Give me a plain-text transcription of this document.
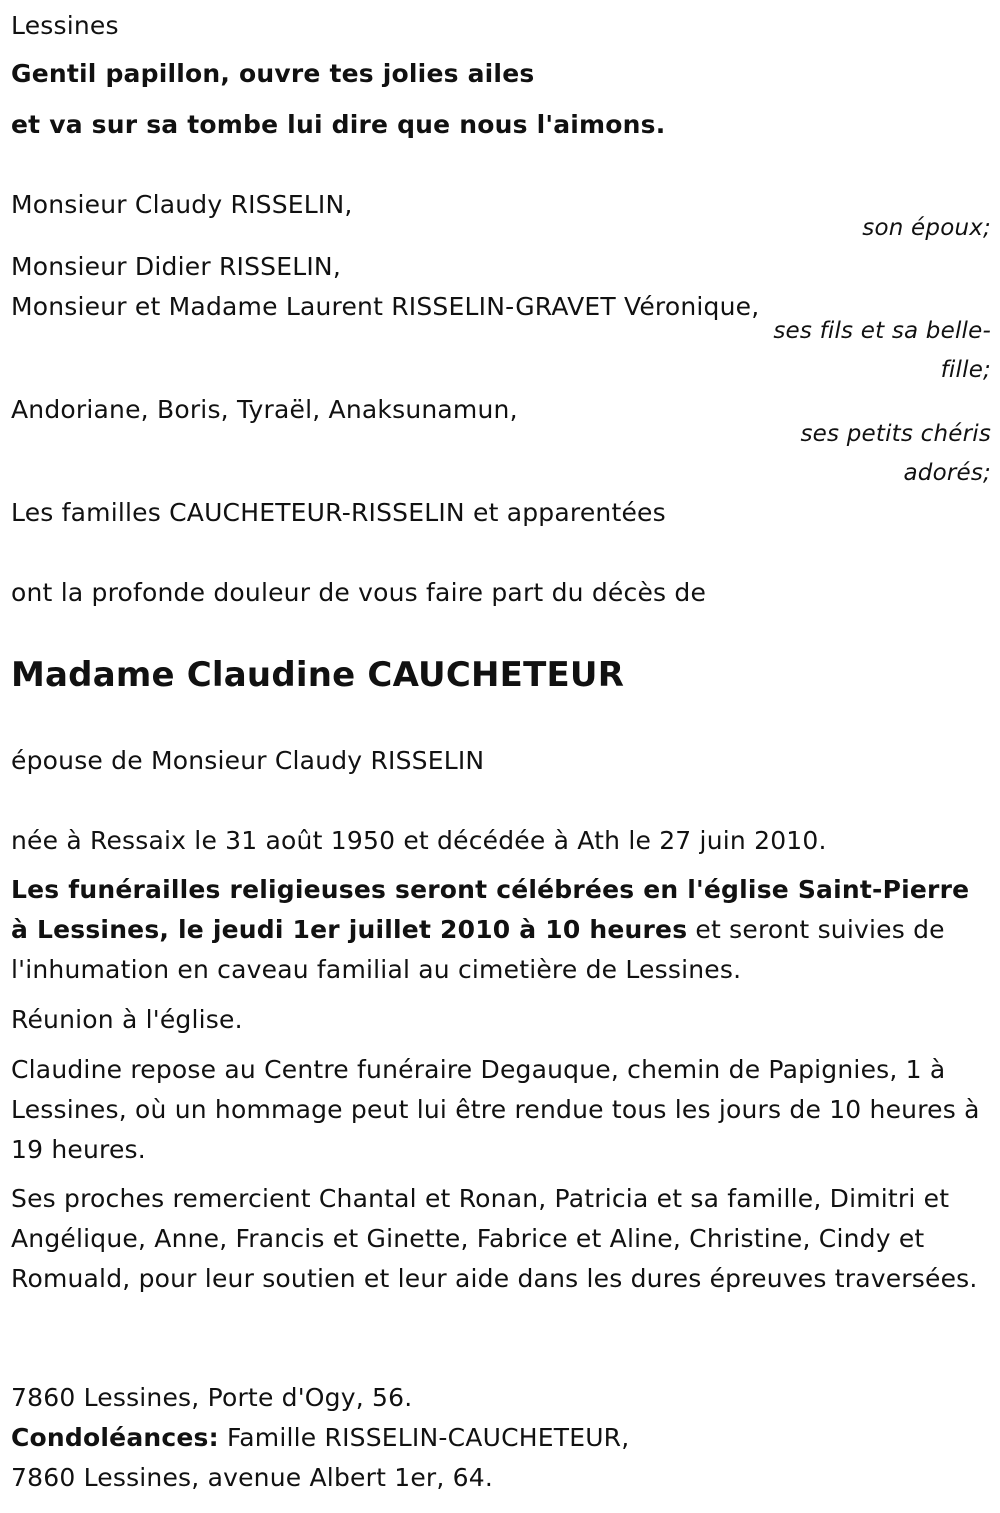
Lessines
Gentil papillon, ouvre tes jolies ailes
et va sur sa tombe lui dire que nous l'aimons.
Monsieur Claudy RISSELIN,
son époux;
Monsieur Didier RISSELIN,
Monsieur et Madame Laurent RISSELIN-GRAVET Véronique,
ses fils et sa belle-
fille;
Andoriane, Boris, Tyraël, Anaksunamun,
ses petits chéris
adorés;
Les familles CAUCHETEUR-RISSELIN et apparentées
ont la profonde douleur de vous faire part du décès de
Madame Claudine CAUCHETEUR
épouse de Monsieur Claudy RISSELIN
née à Ressaix le 31 août 1950 et décédée à Ath le 27 juin 2010.
Les funérailles religieuses seront célébrées en l'église Saint-Pierre à Lessines, le jeudi 1er juillet 2010 à 10 heures et seront suivies de l'inhumation en caveau familial au cimetière de Lessines.
Réunion à l'église.
Claudine repose au Centre funéraire Degauque, chemin de Papignies, 1 à Lessines, où un hommage peut lui être rendue tous les jours de 10 heures à 19 heures.
Ses proches remercient Chantal et Ronan, Patricia et sa famille, Dimitri et Angélique, Anne, Francis et Ginette, Fabrice et Aline, Christine, Cindy et Romuald, pour leur soutien et leur aide dans les dures épreuves traversées.
7860 Lessines, Porte d'Ogy, 56.
Condoléances: Famille RISSELIN-CAUCHETEUR,
7860 Lessines, avenue Albert 1er, 64.
